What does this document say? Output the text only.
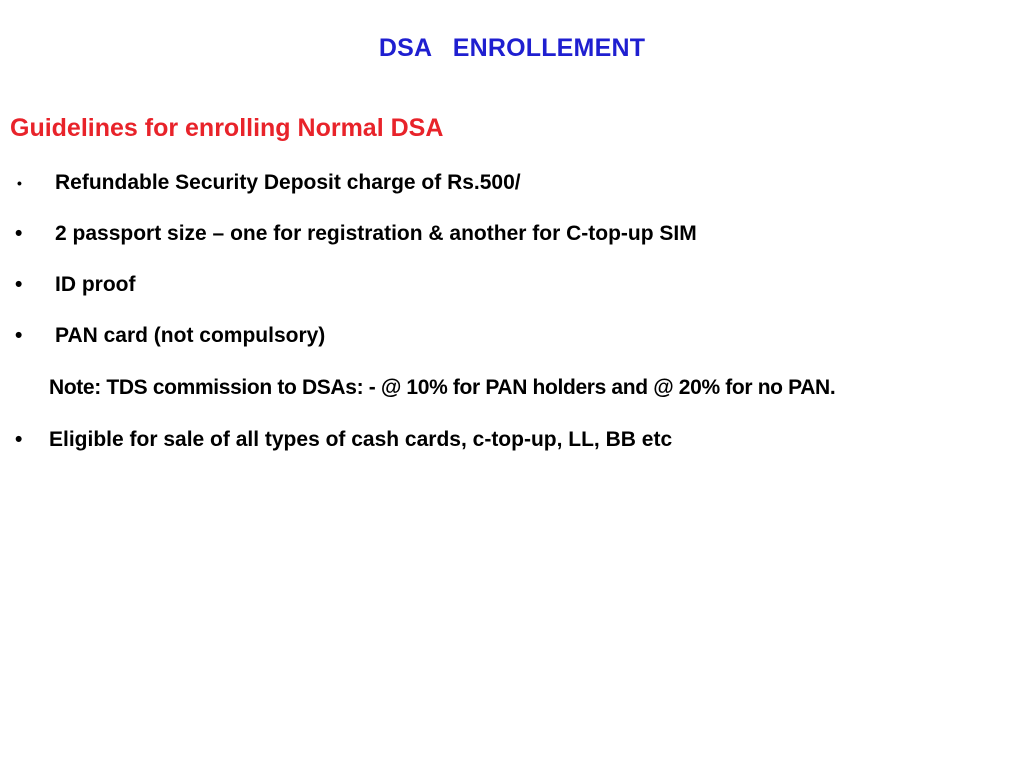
DSA   ENROLLEMENT
Guidelines for enrolling Normal DSA
• Refundable Security Deposit charge of Rs.500/
• 2 passport size – one for registration & another for C-top-up SIM
• ID proof
• PAN card (not compulsory)
Note: TDS commission to DSAs: - @ 10% for PAN holders and @ 20% for no PAN.
• Eligible for sale of all types of cash cards, c-top-up, LL, BB etc
